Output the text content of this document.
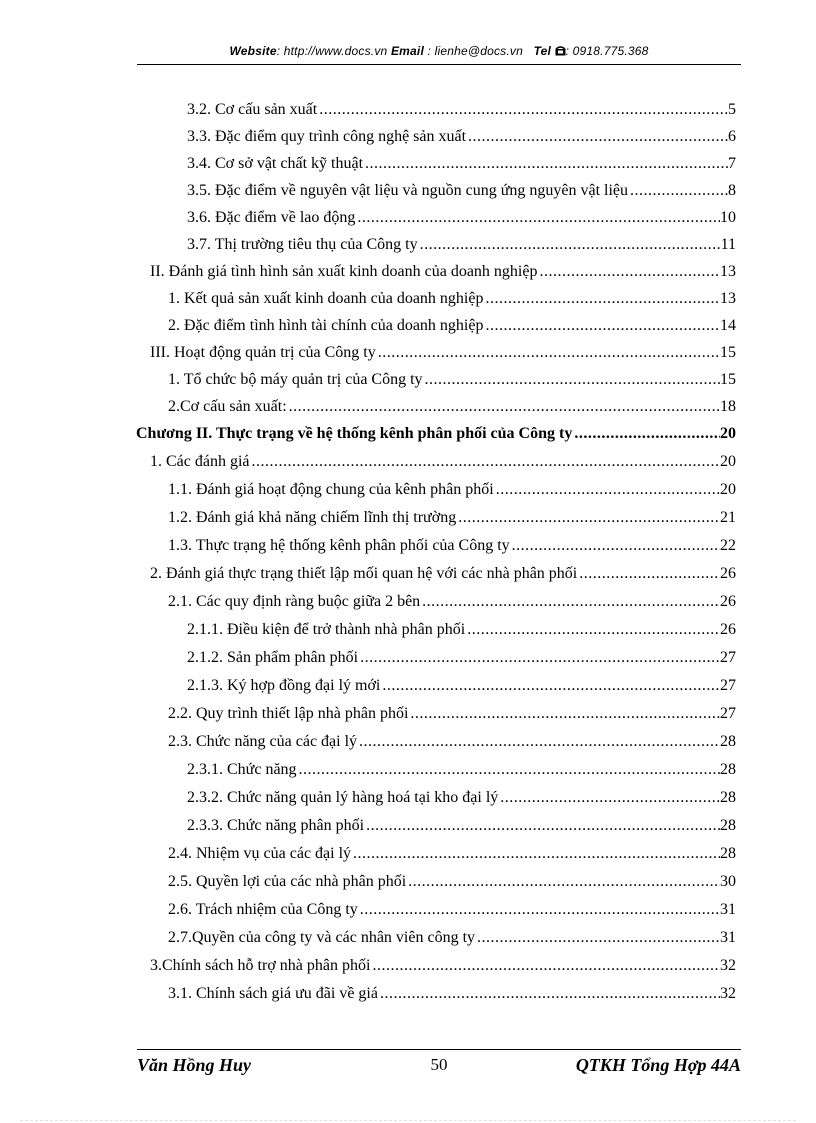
Website: http://www.docs.vn Email : lienhe@docs.vn Tel : 0918.775.368
3.2. Cơ cấu sản xuất .....	5
3.3. Đặc điểm quy trình công nghệ sản xuất .....	6
3.4. Cơ sở vật chất kỹ thuật .....	7
3.5. Đặc điểm về nguyên vật liệu và nguồn cung ứng nguyên vật liệu .....	8
3.6. Đặc điểm về lao động .....	10
3.7. Thị trường tiêu thụ của Công ty .....	11
II. Đánh giá tình hình sản xuất kinh doanh của doanh nghiệp .....	13
1. Kết quả sản xuất kinh doanh của doanh nghiệp .....	13
2. Đặc điểm tình hình tài chính của doanh nghiệp .....	14
III. Hoạt động quản trị của Công ty .....	15
1. Tổ chức bộ máy quản trị của Công ty .....	15
2.Cơ cấu sản xuất: .....	18
Chương II. Thực trạng về hệ thống kênh phân phối của Công ty .....	20
1. Các đánh giá .....	20
1.1. Đánh giá hoạt động chung của kênh phân phối .....	20
1.2. Đánh giá khả năng chiếm lĩnh thị trường .....	21
1.3. Thực trạng hệ thống kênh phân phối của Công ty .....	22
2. Đánh giá thực trạng thiết lập mối quan hệ với các nhà phân phối .....	26
2.1. Các quy định ràng buộc giữa 2 bên .....	26
2.1.1. Điều kiện để trở thành nhà phân phối .....	26
2.1.2. Sản phẩm phân phối .....	27
2.1.3. Ký hợp đồng đại lý mới .....	27
2.2. Quy trình thiết lập nhà phân phối .....	27
2.3. Chức năng của các đại lý .....	28
2.3.1. Chức năng .....	28
2.3.2. Chức năng quản lý hàng hoá tại kho đại lý .....	28
2.3.3. Chức năng phân phối .....	28
2.4. Nhiệm vụ của các đại lý .....	28
2.5. Quyền lợi của các nhà phân phối .....	30
2.6. Trách nhiệm của Công ty .....	31
2.7.Quyền của công ty và các nhân viên công ty .....	31
3.Chính sách hỗ trợ nhà phân phối .....	32
3.1. Chính sách giá ưu đãi về giá .....	32
Văn Hồng Huy	50	QTKH Tổng Hợp 44A
